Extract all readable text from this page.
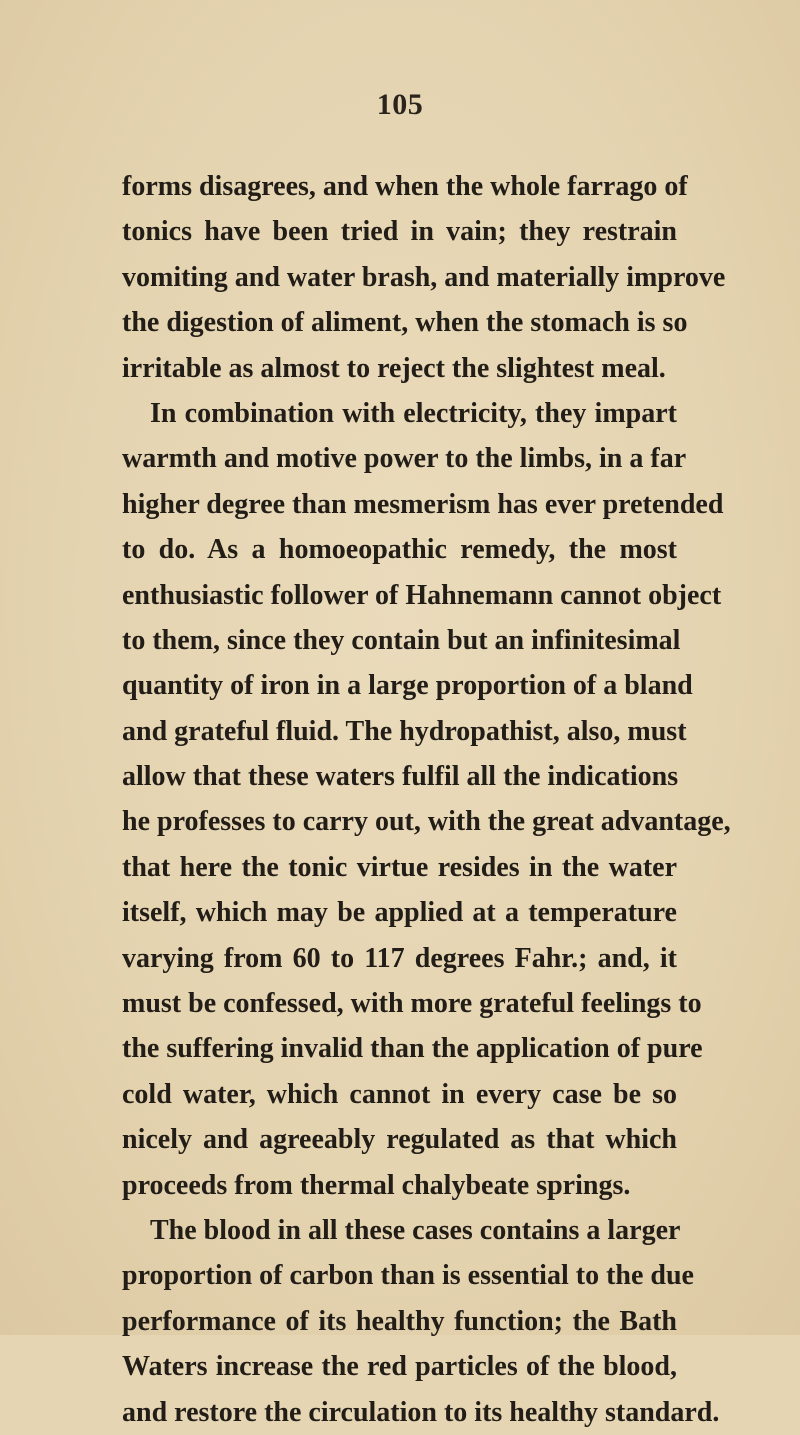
105
forms disagrees, and when the whole farrago of
tonics have been tried in vain; they restrain
vomiting and water brash, and materially improve
the digestion of aliment, when the stomach is so
irritable as almost to reject the slightest meal.
In combination with electricity, they impart
warmth and motive power to the limbs, in a far
higher degree than mesmerism has ever pretended
to do. As a homoeopathic remedy, the most
enthusiastic follower of Hahnemann cannot object
to them, since they contain but an infinitesimal
quantity of iron in a large proportion of a bland
and grateful fluid. The hydropathist, also, must
allow that these waters fulfil all the indications
he professes to carry out, with the great advantage,
that here the tonic virtue resides in the water
itself, which may be applied at a temperature
varying from 60 to 117 degrees Fahr.; and, it
must be confessed, with more grateful feelings to
the suffering invalid than the application of pure
cold water, which cannot in every case be so
nicely and agreeably regulated as that which
proceeds from thermal chalybeate springs.
The blood in all these cases contains a larger
proportion of carbon than is essential to the due
performance of its healthy function; the Bath
Waters increase the red particles of the blood,
and restore the circulation to its healthy standard.
